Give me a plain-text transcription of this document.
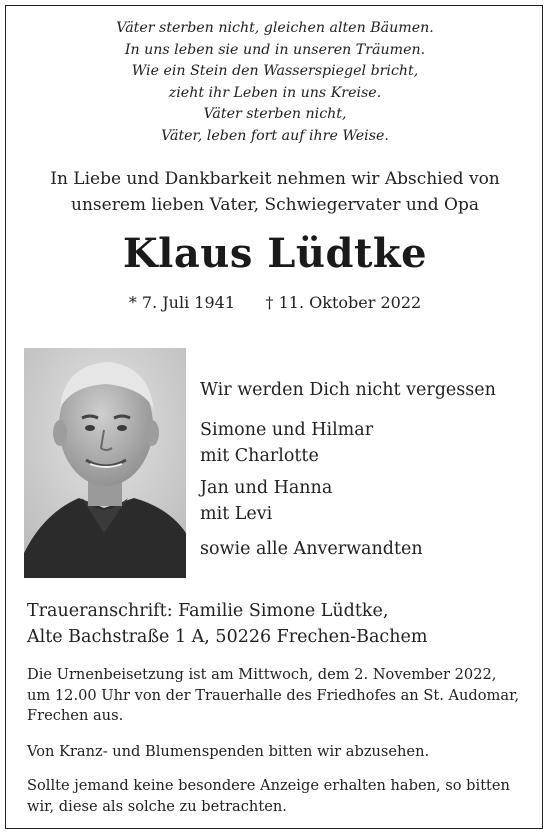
Väter sterben nicht, gleichen alten Bäumen.
In uns leben sie und in unseren Träumen.
Wie ein Stein den Wasserspiegel bricht,
zieht ihr Leben in uns Kreise.
Väter sterben nicht,
Väter, leben fort auf ihre Weise.
In Liebe und Dankbarkeit nehmen wir Abschied von
unserem lieben Vater, Schwiegervater und Opa
Klaus Lüdtke
* 7. Juli 1941 † 11. Oktober 2022
Wir werden Dich nicht vergessen
Simone und Hilmar
mit Charlotte
Jan und Hanna
mit Levi
sowie alle Anverwandten
Traueranschrift: Familie Simone Lüdtke,
Alte Bachstraße 1 A, 50226 Frechen-Bachem
Die Urnenbeisetzung ist am Mittwoch, dem 2. November 2022,
um 12.00 Uhr von der Trauerhalle des Friedhofes an St. Audomar,
Frechen aus.
Von Kranz- und Blumenspenden bitten wir abzusehen.
Sollte jemand keine besondere Anzeige erhalten haben, so bitten
wir, diese als solche zu betrachten.
